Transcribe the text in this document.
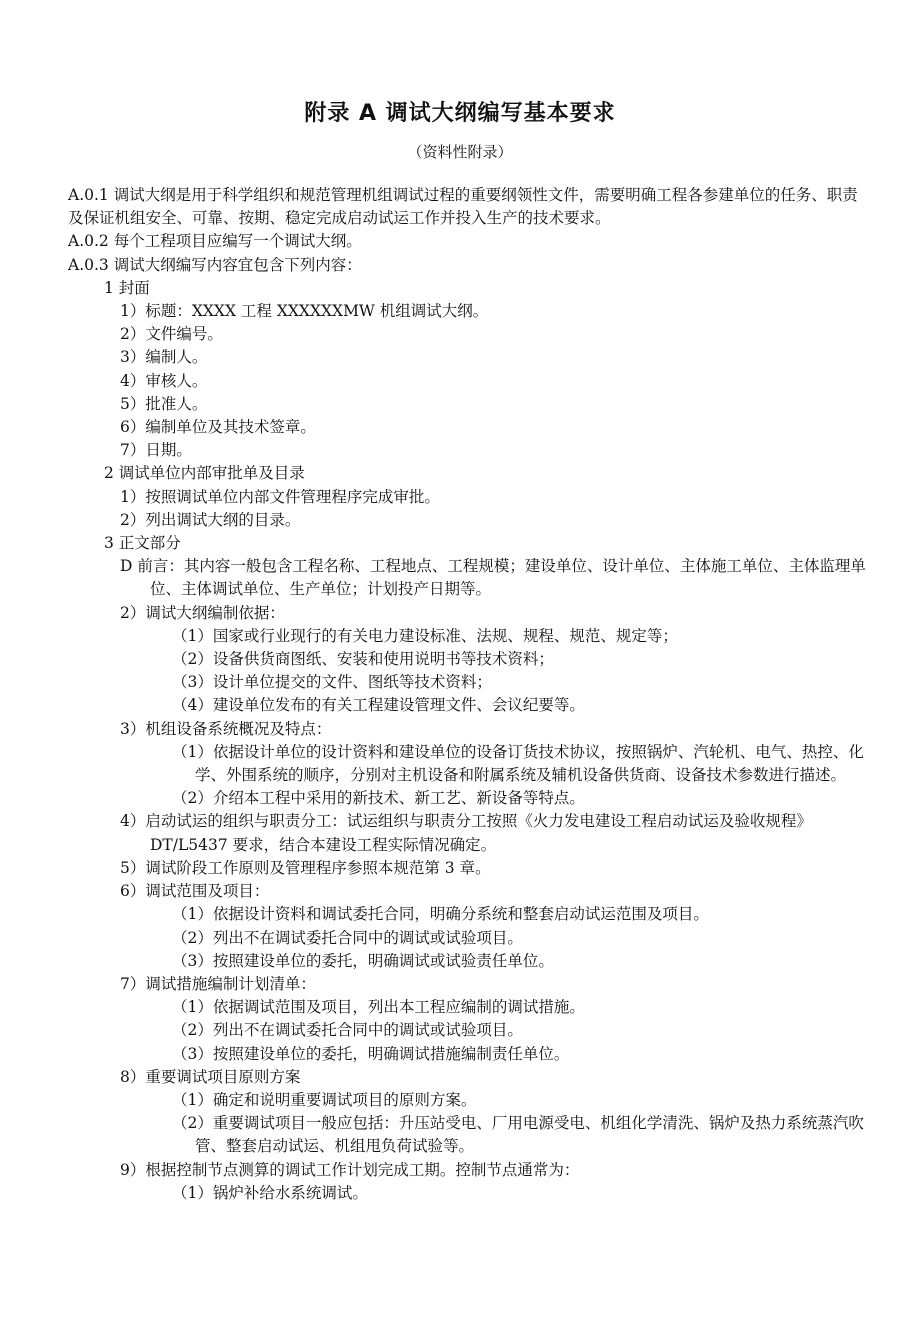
附录 A 调试大纲编写基本要求

（资料性附录）

A.0.1 调试大纲是用于科学组织和规范管理机组调试过程的重要纲领性文件，需要明确工程各参建单位的任务、职责及保证机组安全、可靠、按期、稳定完成启动试运工作并投入生产的技术要求。
A.0.2 每个工程项目应编写一个调试大纲。
A.0.3 调试大纲编写内容宜包含下列内容：
1 封面
1）标题：XXXX 工程 XXXXXXMW 机组调试大纲。
2）文件编号。
3）编制人。
4）审核人。
5）批准人。
6）编制单位及其技术签章。
7）日期。
2 调试单位内部审批单及目录
1）按照调试单位内部文件管理程序完成审批。
2）列出调试大纲的目录。
3 正文部分
D 前言：其内容一般包含工程名称、工程地点、工程规模；建设单位、设计单位、主体施工单位、主体监理单位、主体调试单位、生产单位；计划投产日期等。
2）调试大纲编制依据：
（1）国家或行业现行的有关电力建设标准、法规、规程、规范、规定等；
（2）设备供货商图纸、安装和使用说明书等技术资料；
（3）设计单位提交的文件、图纸等技术资料；
（4）建设单位发布的有关工程建设管理文件、会议纪要等。
3）机组设备系统概况及特点：
（1）依据设计单位的设计资料和建设单位的设备订货技术协议，按照锅炉、汽轮机、电气、热控、化学、外围系统的顺序，分别对主机设备和附属系统及辅机设备供货商、设备技术参数进行描述。
（2）介绍本工程中采用的新技术、新工艺、新设备等特点。
4）启动试运的组织与职责分工：试运组织与职责分工按照《火力发电建设工程启动试运及验收规程》DT/L5437 要求，结合本建设工程实际情况确定。
5）调试阶段工作原则及管理程序参照本规范第 3 章。
6）调试范围及项目：
（1）依据设计资料和调试委托合同，明确分系统和整套启动试运范围及项目。
（2）列出不在调试委托合同中的调试或试验项目。
（3）按照建设单位的委托，明确调试或试验责任单位。
7）调试措施编制计划清单：
（1）依据调试范围及项目，列出本工程应编制的调试措施。
（2）列出不在调试委托合同中的调试或试验项目。
（3）按照建设单位的委托，明确调试措施编制责任单位。
8）重要调试项目原则方案
（1）确定和说明重要调试项目的原则方案。
（2）重要调试项目一般应包括：升压站受电、厂用电源受电、机组化学清洗、锅炉及热力系统蒸汽吹管、整套启动试运、机组甩负荷试验等。
9）根据控制节点测算的调试工作计划完成工期。控制节点通常为：
（1）锅炉补给水系统调试。
